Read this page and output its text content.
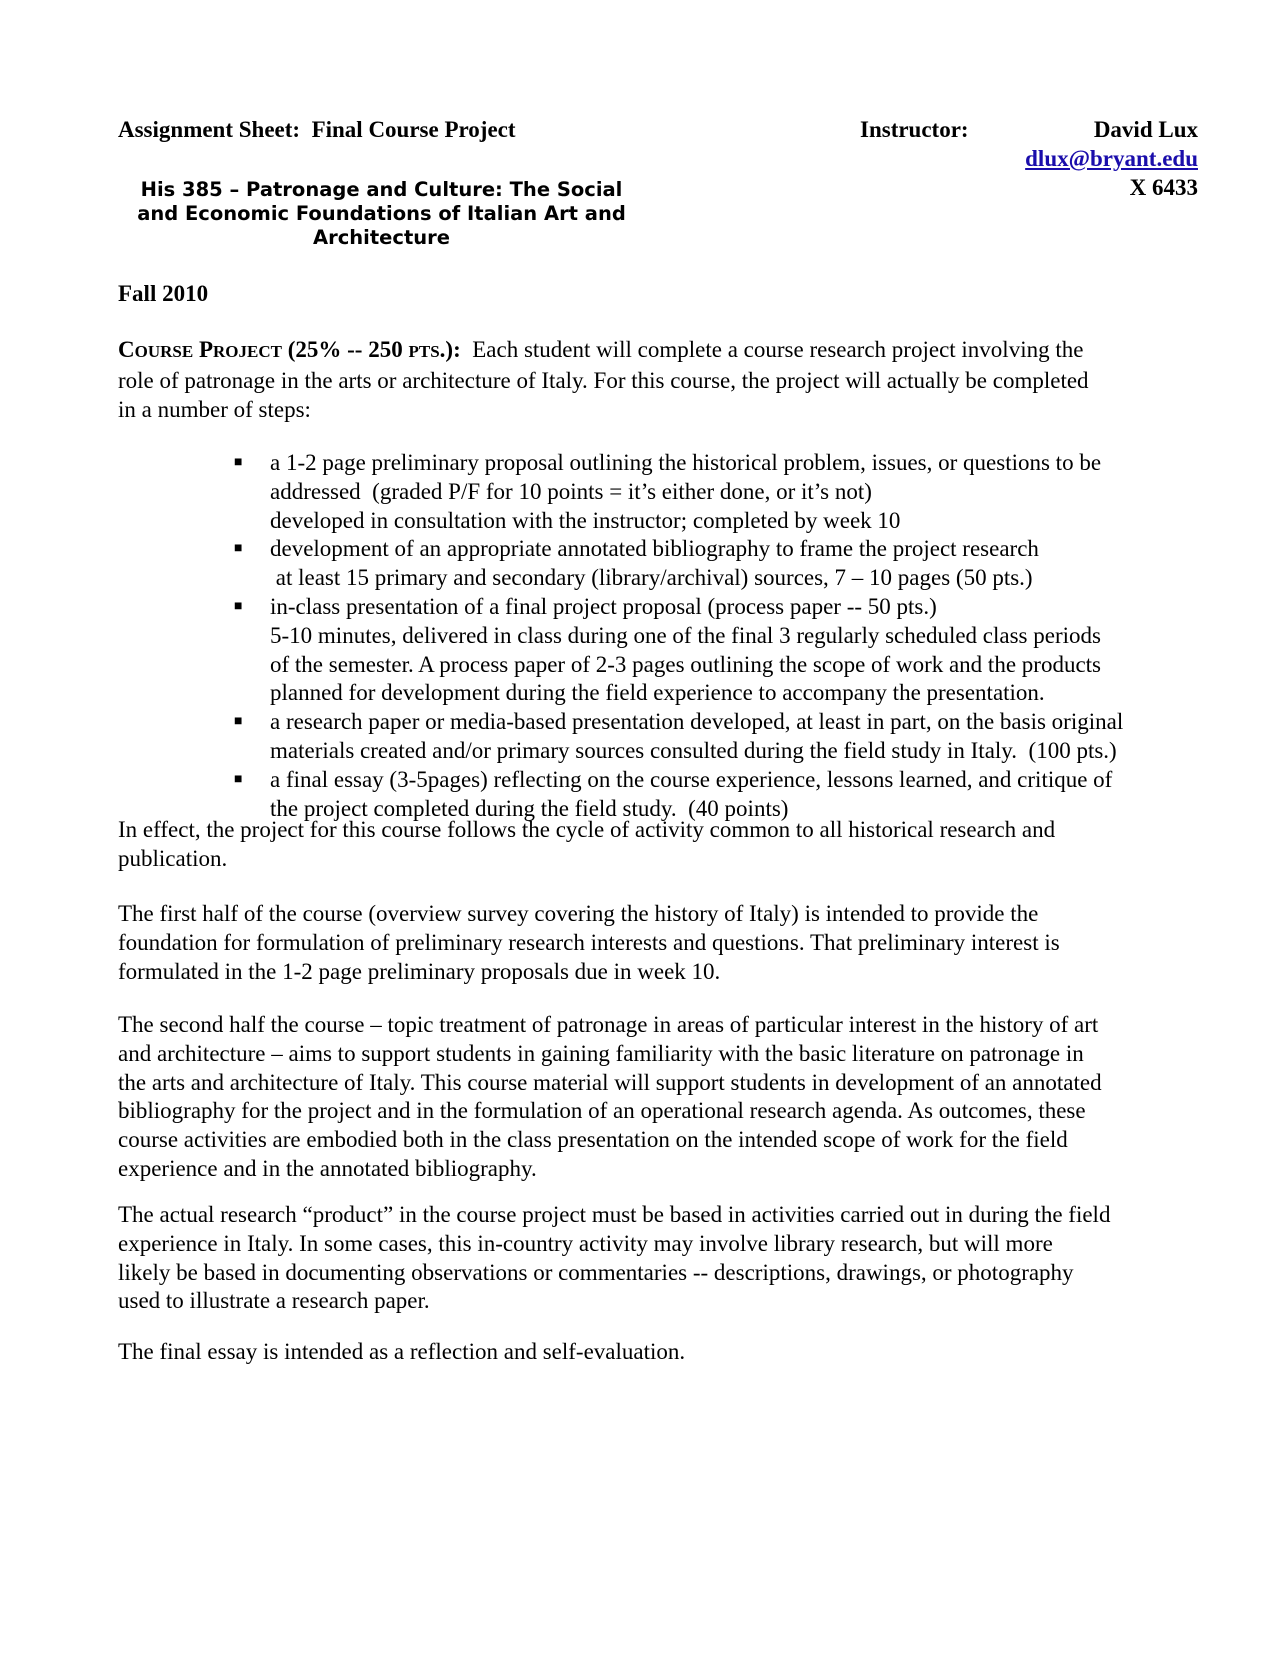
Assignment Sheet:  Final Course Project	Instructor:	David Lux
dlux@bryant.edu
X 6433
His 385 – Patronage and Culture: The Social
and Economic Foundations of Italian Art and
Architecture
Fall 2010
COURSE PROJECT (25% -- 250 PTS.): Each student will complete a course research project involving the
role of patronage in the arts or architecture of Italy. For this course, the project will actually be completed
in a number of steps:
■ a 1-2 page preliminary proposal outlining the historical problem, issues, or questions to be
addressed  (graded P/F for 10 points = it’s either done, or it’s not)
developed in consultation with the instructor; completed by week 10
■ development of an appropriate annotated bibliography to frame the project research
at least 15 primary and secondary (library/archival) sources, 7 – 10 pages (50 pts.)
■ in-class presentation of a final project proposal (process paper -- 50 pts.)
5-10 minutes, delivered in class during one of the final 3 regularly scheduled class periods
of the semester. A process paper of 2-3 pages outlining the scope of work and the products
planned for development during the field experience to accompany the presentation.
■ a research paper or media-based presentation developed, at least in part, on the basis original
materials created and/or primary sources consulted during the field study in Italy.  (100 pts.)
■ a final essay (3-5pages) reflecting on the course experience, lessons learned, and critique of
the project completed during the field study.  (40 points)
In effect, the project for this course follows the cycle of activity common to all historical research and
publication.
The first half of the course (overview survey covering the history of Italy) is intended to provide the
foundation for formulation of preliminary research interests and questions. That preliminary interest is
formulated in the 1-2 page preliminary proposals due in week 10.
The second half the course – topic treatment of patronage in areas of particular interest in the history of art
and architecture – aims to support students in gaining familiarity with the basic literature on patronage in
the arts and architecture of Italy. This course material will support students in development of an annotated
bibliography for the project and in the formulation of an operational research agenda. As outcomes, these
course activities are embodied both in the class presentation on the intended scope of work for the field
experience and in the annotated bibliography.
The actual research “product” in the course project must be based in activities carried out in during the field
experience in Italy. In some cases, this in-country activity may involve library research, but will more
likely be based in documenting observations or commentaries -- descriptions, drawings, or photography
used to illustrate a research paper.
The final essay is intended as a reflection and self-evaluation.
